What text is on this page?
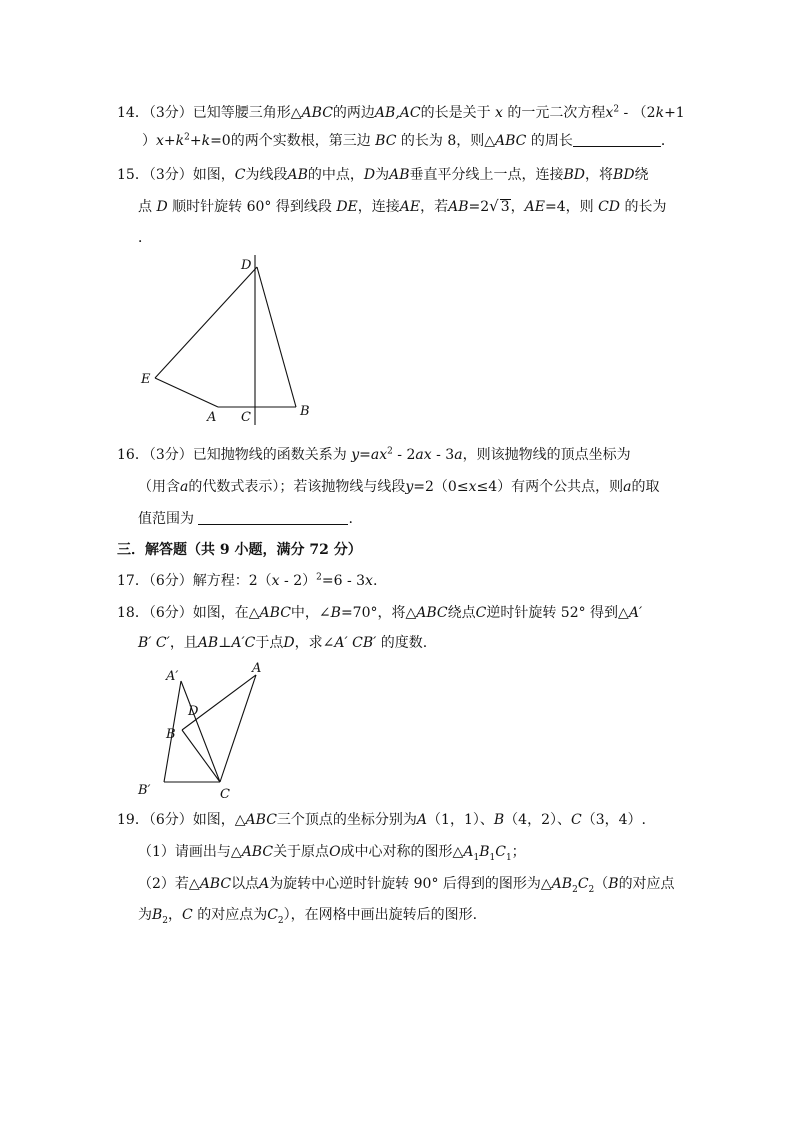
14．（3分）已知等腰三角形△ABC的两边AB,AC的长是关于 x 的一元二次方程$x^2 - (2k+1$
）$x+k^2+k=0$的两个实数根，第三边 BC 的长为 8，则△ABC 的周长	．
15．（3分）如图，C为线段AB的中点，D为AB垂直平分线上一点，连接BD，将BD绕
点 D 顺时针旋转 60° 得到线段 DE，连接AE，若AB=2√ 3，AE=4，则 CD 的长为
．
D
E
A C	B
16．（3分）已知抛物线的函数关系为 $y=ax^2 - 2ax - 3a$，则该抛物线的顶点坐标为
（用含a的代数式表示）；若该抛物线与线段y=2（0≤x≤4）有两个公共点，则a的取
值范围为	.
三．解答题（共 9 小题，满分 72 分）
17．（6分）解方程：2（x - 2）$^2$=6 - 3x.
18．（6分）如图，在△ABC中，∠B=70°，将△ABC绕点C逆时针旋转 52° 得到△A′
B′ C′，且AB⊥A′C于点D，求∠A′ CB′ 的度数.
A′
A
D
B
B′	C
19．（6分）如图，△ABC三个顶点的坐标分别为A（1，1）、B（4，2）、C（3，4）.
（1）请画出与△ABC关于原点O成中心对称的图形$\triangle A_1B_1C_1$；
（2）若△ABC以点A为旋转中心逆时针旋转 90° 后得到的图形为$\triangle AB_2C_2(B$的对应点
为$B_2$，C 的对应点为$C_2$），在网格中画出旋转后的图形.
